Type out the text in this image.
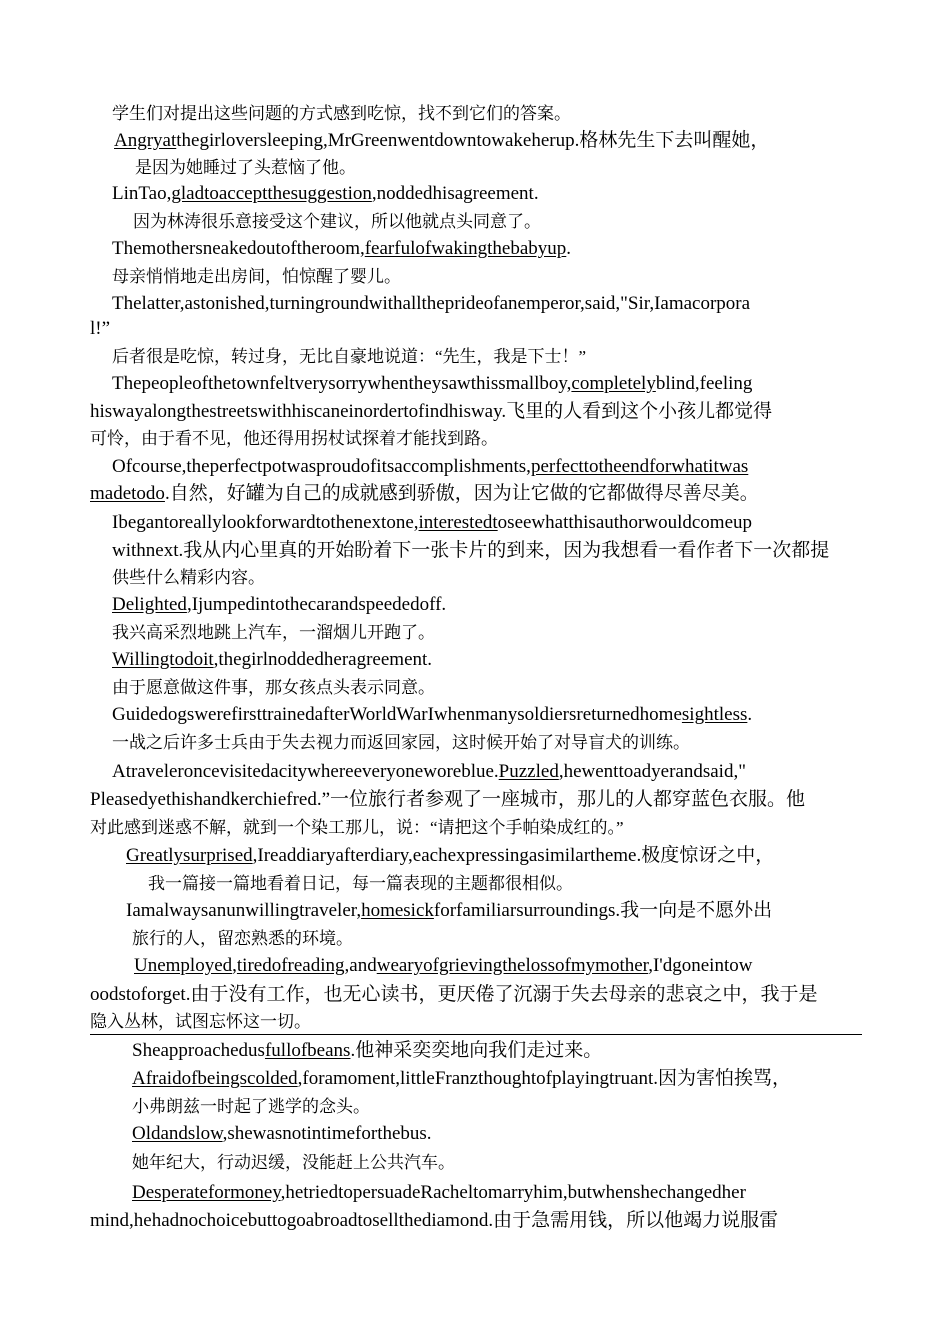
学生们对提出这些问题的方式感到吃惊，找不到它们的答案。
Angryatthegirloversleeping,MrGreenwentdowntowakeherup.格林先生下去叫醒她，
是因为她睡过了头惹恼了他。
LinTao,gladtoacceptthesuggestion,noddedhisagreement.
因为林涛很乐意接受这个建议，所以他就点头同意了。
Themothersneakedoutoftheroom,fearfulofwakingthebabyup.
母亲悄悄地走出房间，怕惊醒了婴儿。
Thelatter,astonished,turningroundwithalltheprideofanemperor,said,"Sir,Iamacorpora
l!”
后者很是吃惊，转过身，无比自豪地说道：“先生，我是下士！”
Thepeopleofthetownfeltverysorrywhentheysawthissmallboy,completelyblind,feeling
hiswayalongthestreetswithhiscaneinordertofindhisway.飞里的人看到这个小孩儿都觉得
可怜，由于看不见，他还得用拐杖试探着才能找到路。
Ofcourse,theperfectpotwasproudofitsaccomplishments,perfecttotheendforwhatitwas
madetodo.自然，好罐为自己的成就感到骄傲，因为让它做的它都做得尽善尽美。
Ibegantoreallylookforwardtothenextone,interestedtoseewhatthisauthorwouldcomeup
withnext.我从内心里真的开始盼着下一张卡片的到来，因为我想看一看作者下一次都提
供些什么精彩内容。
Delighted,Ijumpedintothecarandspeededoff.
我兴高采烈地跳上汽车，一溜烟儿开跑了。
Willingtodoit,thegirlnoddedheragreement.
由于愿意做这件事，那女孩点头表示同意。
GuidedogswerefirsttrainedafterWorldWarIwhenmanysoldiersreturnedhomesightless.
一战之后许多士兵由于失去视力而返回家园，这时候开始了对导盲犬的训练。
Atraveleroncevisitedacitywhereeveryoneworeblue.Puzzled,hewenttoadyerandsaid,"
Pleasedyethishandkerchiefred.”一位旅行者参观了一座城市，那儿的人都穿蓝色衣服。他
对此感到迷惑不解，就到一个染工那儿，说：“请把这个手帕染成红的。”
Greatlysurprised,Ireaddiaryafterdiary,eachexpressingasimilartheme.极度惊讶之中，
我一篇接一篇地看着日记，每一篇表现的主题都很相似。
Iamalwaysanunwillingtraveler,homesickforfamiliarsurroundings.我一向是不愿外出
旅行的人，留恋熟悉的环境。
Unemployed,tiredofreading,andwearyofgrievingthelossofmymother,I'dgoneintow
oodstoforget.由于没有工作，也无心读书，更厌倦了沉溺于失去母亲的悲哀之中，我于是
隐入丛林，试图忘怀这一切。
Sheapproachedusfullofbeans.他神采奕奕地向我们走过来。
Afraidofbeingscolded,foramoment,littleFranzthoughtofplayingtruant.因为害怕挨骂，
小弗朗兹一时起了逃学的念头。
Oldandslow,shewasnotintimeforthebus.
她年纪大，行动迟缓，没能赶上公共汽车。
Desperateformoney,hetriedtopersuadeRacheltomarryhim,butwhenshechangedher
mind,hehadnochoicebuttogoabroadtosellthediamond.由于急需用钱，所以他竭力说服雷
